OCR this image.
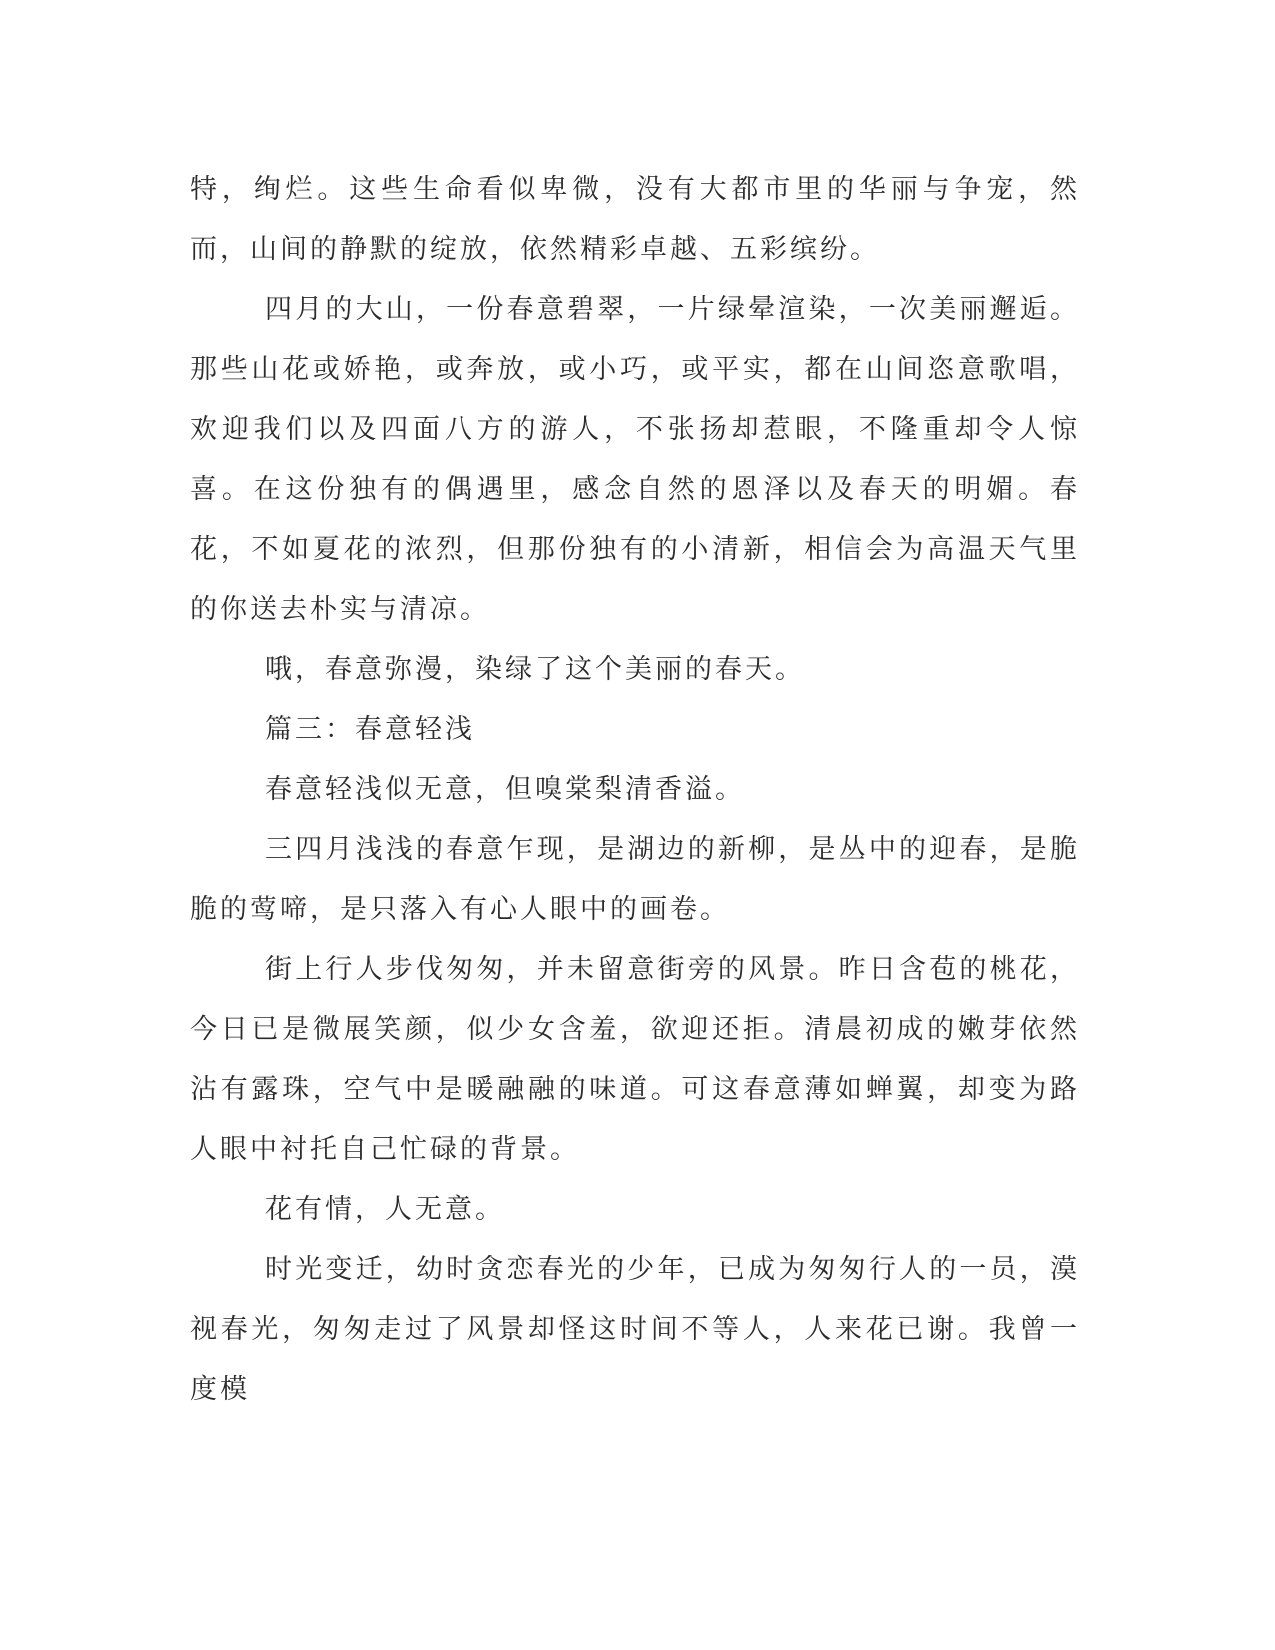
特，绚烂。这些生命看似卑微，没有大都市里的华丽与争宠，然而，山间的静默的绽放，依然精彩卓越、五彩缤纷。

四月的大山，一份春意碧翠，一片绿晕渲染，一次美丽邂逅。那些山花或娇艳，或奔放，或小巧，或平实，都在山间恣意歌唱，欢迎我们以及四面八方的游人，不张扬却惹眼，不隆重却令人惊喜。在这份独有的偶遇里，感念自然的恩泽以及春天的明媚。春花，不如夏花的浓烈，但那份独有的小清新，相信会为高温天气里的你送去朴实与清凉。

哦，春意弥漫，染绿了这个美丽的春天。

篇三：春意轻浅

春意轻浅似无意，但嗅棠梨清香溢。

三四月浅浅的春意乍现，是湖边的新柳，是丛中的迎春，是脆脆的莺啼，是只落入有心人眼中的画卷。

街上行人步伐匆匆，并未留意街旁的风景。昨日含苞的桃花，今日已是微展笑颜，似少女含羞，欲迎还拒。清晨初成的嫩芽依然沾有露珠，空气中是暖融融的味道。可这春意薄如蝉翼，却变为路人眼中衬托自己忙碌的背景。

花有情，人无意。

时光变迁，幼时贪恋春光的少年，已成为匆匆行人的一员，漠视春光，匆匆走过了风景却怪这时间不等人，人来花已谢。我曾一度模
